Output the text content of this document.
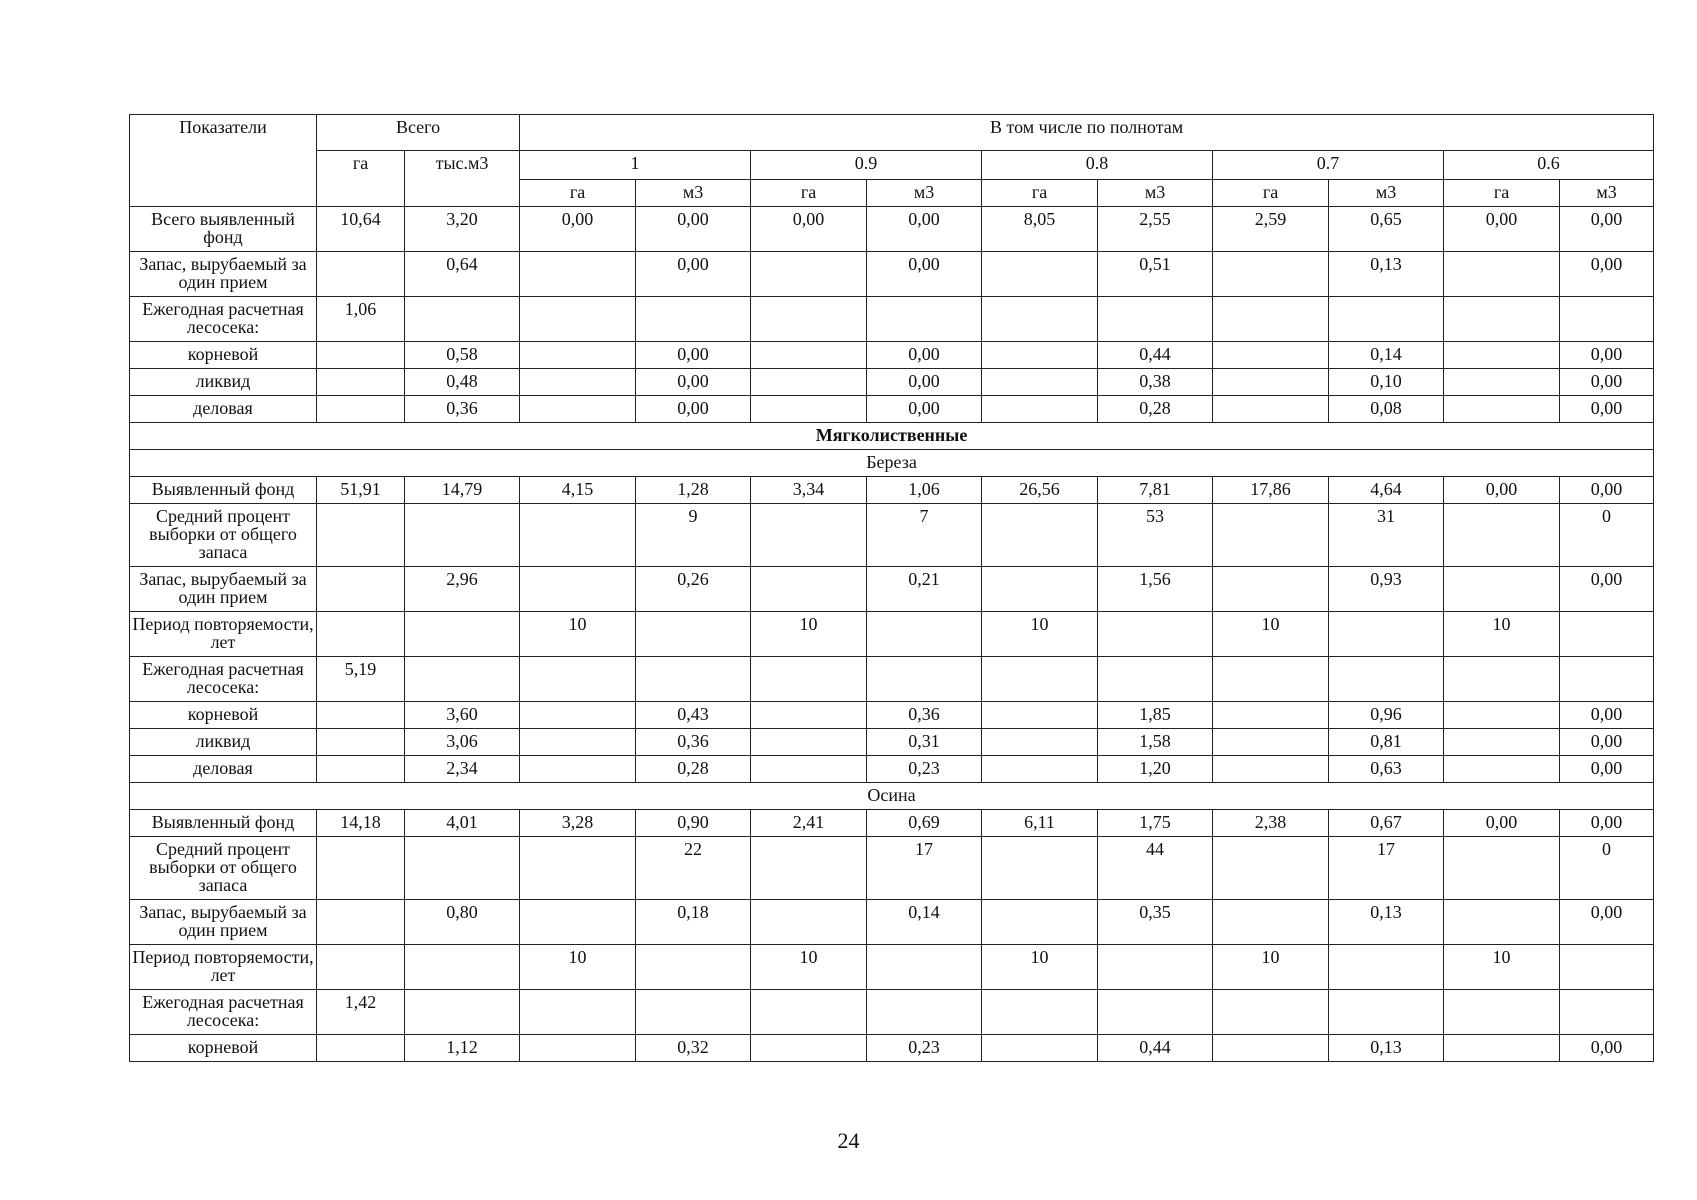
Показатели	Всего		В том числе по полнотам									
	га	тыс.м3	1		0.9		0.8		0.7		0.6	
			га	м3	га	м3	га	м3	га	м3	га	м3
Всего выявленный фонд	10,64	3,20	0,00	0,00	0,00	0,00	8,05	2,55	2,59	0,65	0,00	0,00
Запас, вырубаемый за один прием		0,64		0,00		0,00		0,51		0,13		0,00
Ежегодная расчетная лесосека:	1,06											
корневой		0,58		0,00		0,00		0,44		0,14		0,00
ликвид		0,48		0,00		0,00		0,38		0,10		0,00
деловая		0,36		0,00		0,00		0,28		0,08		0,00
Мягколиственные												
Береза												
Выявленный фонд	51,91	14,79	4,15	1,28	3,34	1,06	26,56	7,81	17,86	4,64	0,00	0,00
Средний процент выборки от общего запаса				9		7		53		31		0
Запас, вырубаемый за один прием		2,96		0,26		0,21		1,56		0,93		0,00
Период повторяемости, лет			10		10		10		10		10	
Ежегодная расчетная лесосека:	5,19											
корневой		3,60		0,43		0,36		1,85		0,96		0,00
ликвид		3,06		0,36		0,31		1,58		0,81		0,00
деловая		2,34		0,28		0,23		1,20		0,63		0,00
Осина												
Выявленный фонд	14,18	4,01	3,28	0,90	2,41	0,69	6,11	1,75	2,38	0,67	0,00	0,00
Средний процент выборки от общего запаса				22		17		44		17		0
Запас, вырубаемый за один прием		0,80		0,18		0,14		0,35		0,13		0,00
Период повторяемости, лет			10		10		10		10		10	
Ежегодная расчетная лесосека:	1,42											
корневой		1,12		0,32		0,23		0,44		0,13		0,00
24
